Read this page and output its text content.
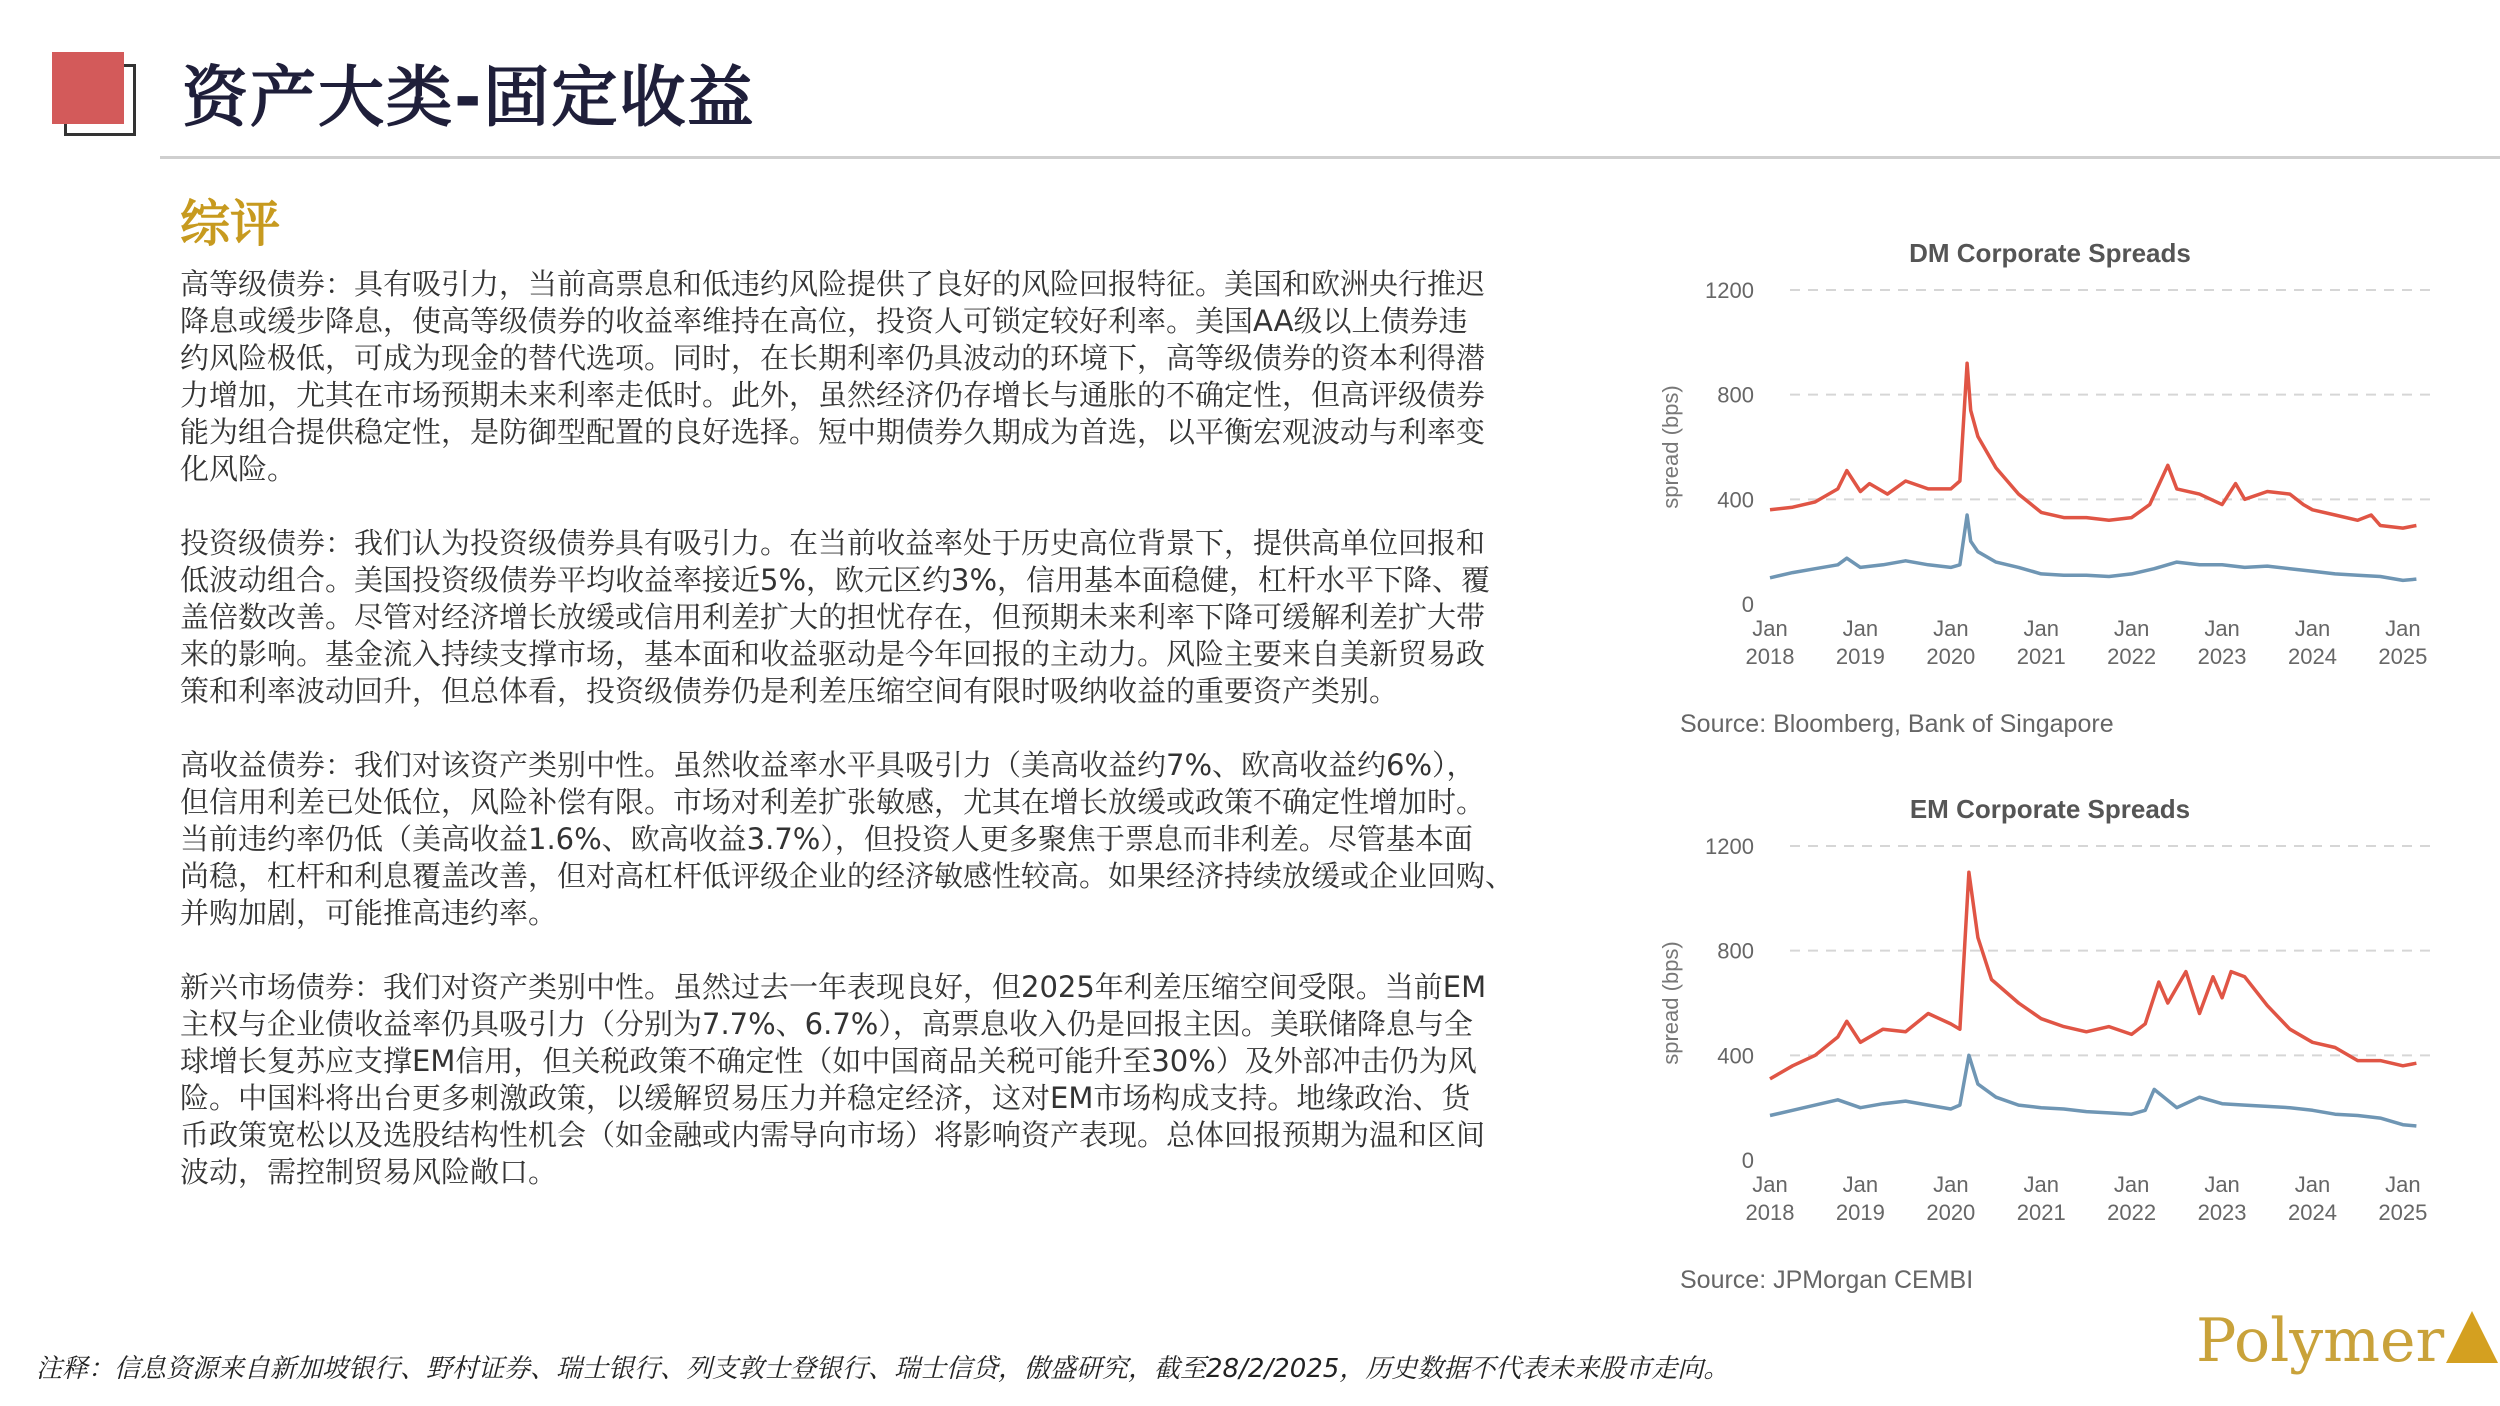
资产大类-固定收益
综评

高等级债券：具有吸引力，当前高票息和低违约风险提供了良好的风险回报特征。美国和欧洲央行推迟
降息或缓步降息，使高等级债券的收益率维持在高位，投资人可锁定较好利率。美国AA级以上债券违
约风险极低，可成为现金的替代选项。同时，在长期利率仍具波动的环境下，高等级债券的资本利得潜
力增加，尤其在市场预期未来利率走低时。此外，虽然经济仍存增长与通胀的不确定性，但高评级债券
能为组合提供稳定性，是防御型配置的良好选择。短中期债券久期成为首选，以平衡宏观波动与利率变
化风险。

投资级债券：我们认为投资级债券具有吸引力。在当前收益率处于历史高位背景下，提供高单位回报和
低波动组合。美国投资级债券平均收益率接近5%，欧元区约3%，信用基本面稳健，杠杆水平下降、覆
盖倍数改善。尽管对经济增长放缓或信用利差扩大的担忧存在，但预期未来利率下降可缓解利差扩大带
来的影响。基金流入持续支撑市场，基本面和收益驱动是今年回报的主动力。风险主要来自美新贸易政
策和利率波动回升，但总体看，投资级债券仍是利差压缩空间有限时吸纳收益的重要资产类别。

高收益债券：我们对该资产类别中性。虽然收益率水平具吸引力（美高收益约7%、欧高收益约6%），
但信用利差已处低位，风险补偿有限。市场对利差扩张敏感，尤其在增长放缓或政策不确定性增加时。
当前违约率仍低（美高收益1.6%、欧高收益3.7%），但投资人更多聚焦于票息而非利差。尽管基本面
尚稳，杠杆和利息覆盖改善，但对高杠杆低评级企业的经济敏感性较高。如果经济持续放缓或企业回购、
并购加剧，可能推高违约率。

新兴市场债券：我们对资产类别中性。虽然过去一年表现良好，但2025年利差压缩空间受限。当前EM
主权与企业债收益率仍具吸引力（分别为7.7%、6.7%），高票息收入仍是回报主因。美联储降息与全
球增长复苏应支撑EM信用，但关税政策不确定性（如中国商品关税可能升至30%）及外部冲击仍为风
险。中国料将出台更多刺激政策，以缓解贸易压力并稳定经济，这对EM市场构成支持。地缘政治、货
币政策宽松以及选股结构性机会（如金融或内需导向市场）将影响资产表现。总体回报预期为温和区间
波动，需控制贸易风险敞口。

DM Corporate Spreads
0
400
800
1200
spread (bps)
Jan
2018
Jan
2019
Jan
2020
Jan
2021
Jan
2022
Jan
2023
Jan
2024
Jan
2025
Source: Bloomberg, Bank of Singapore
EM Corporate Spreads
0
400
800
1200
spread (bps)
Jan
2018
Jan
2019
Jan
2020
Jan
2021
Jan
2022
Jan
2023
Jan
2024
Jan
2025
Source: JPMorgan CEMBI
注释：信息资源来自新加坡银行、野村证券、瑞士银行、列支敦士登银行、瑞士信贷，傲盛研究，截至28/2/2025，历史数据不代表未来股市走向。	Polymer
